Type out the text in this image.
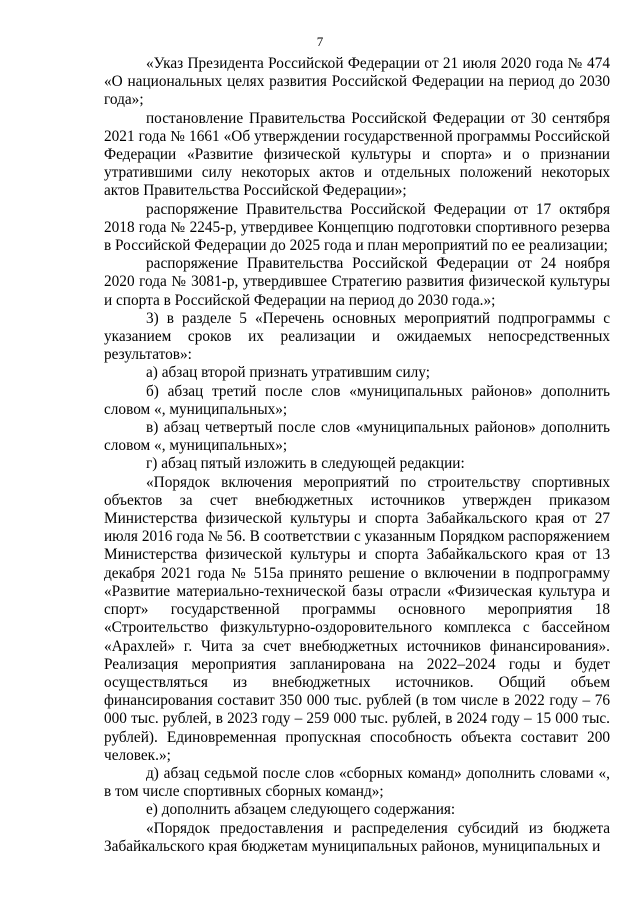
7

«Указ Президента Российской Федерации от 21 июля 2020 года № 474 «О национальных целях развития Российской Федерации на период до 2030 года»;

постановление Правительства Российской Федерации от 30 сентября 2021 года № 1661 «Об утверждении государственной программы Российской Федерации «Развитие физической культуры и спорта» и о признании утратившими силу некоторых актов и отдельных положений некоторых актов Правительства Российской Федерации»;

распоряжение Правительства Российской Федерации от 17 октября 2018 года № 2245-р, утвердивее Концепцию подготовки спортивного резерва в Российской Федерации до 2025 года и план мероприятий по ее реализации;

распоряжение Правительства Российской Федерации от 24 ноября 2020 года № 3081-р, утвердившее Стратегию развития физической культуры и спорта в Российской Федерации на период до 2030 года.»;

3) в разделе 5 «Перечень основных мероприятий подпрограммы с указанием сроков их реализации и ожидаемых непосредственных результатов»:

а) абзац второй признать утратившим силу;

б) абзац третий после слов «муниципальных районов» дополнить словом «, муниципальных»;

в) абзац четвертый после слов «муниципальных районов» дополнить словом «, муниципальных»;

г) абзац пятый изложить в следующей редакции:

«Порядок включения мероприятий по строительству спортивных объектов за счет внебюджетных источников утвержден приказом Министерства физической культуры и спорта Забайкальского края от 27 июля 2016 года № 56. В соответствии с указанным Порядком распоряжением Министерства физической культуры и спорта Забайкальского края от 13 декабря 2021 года № 515а принято решение о включении в подпрограмму «Развитие материально-технической базы отрасли «Физическая культура и спорт» государственной программы основного мероприятия 18 «Строительство физкультурно-оздоровительного комплекса с бассейном «Арахлей» г. Чита за счет внебюджетных источников финансирования». Реализация мероприятия запланирована на 2022–2024 годы и будет осуществляться из внебюджетных источников. Общий объем финансирования составит 350 000 тыс. рублей (в том числе в 2022 году – 76 000 тыс. рублей, в 2023 году – 259 000 тыс. рублей, в 2024 году – 15 000 тыс. рублей). Единовременная пропускная способность объекта составит 200 человек.»;

д) абзац седьмой после слов «сборных команд» дополнить словами «, в том числе спортивных сборных команд»;

е) дополнить абзацем следующего содержания:

«Порядок предоставления и распределения субсидий из бюджета Забайкальского края бюджетам муниципальных районов, муниципальных и
